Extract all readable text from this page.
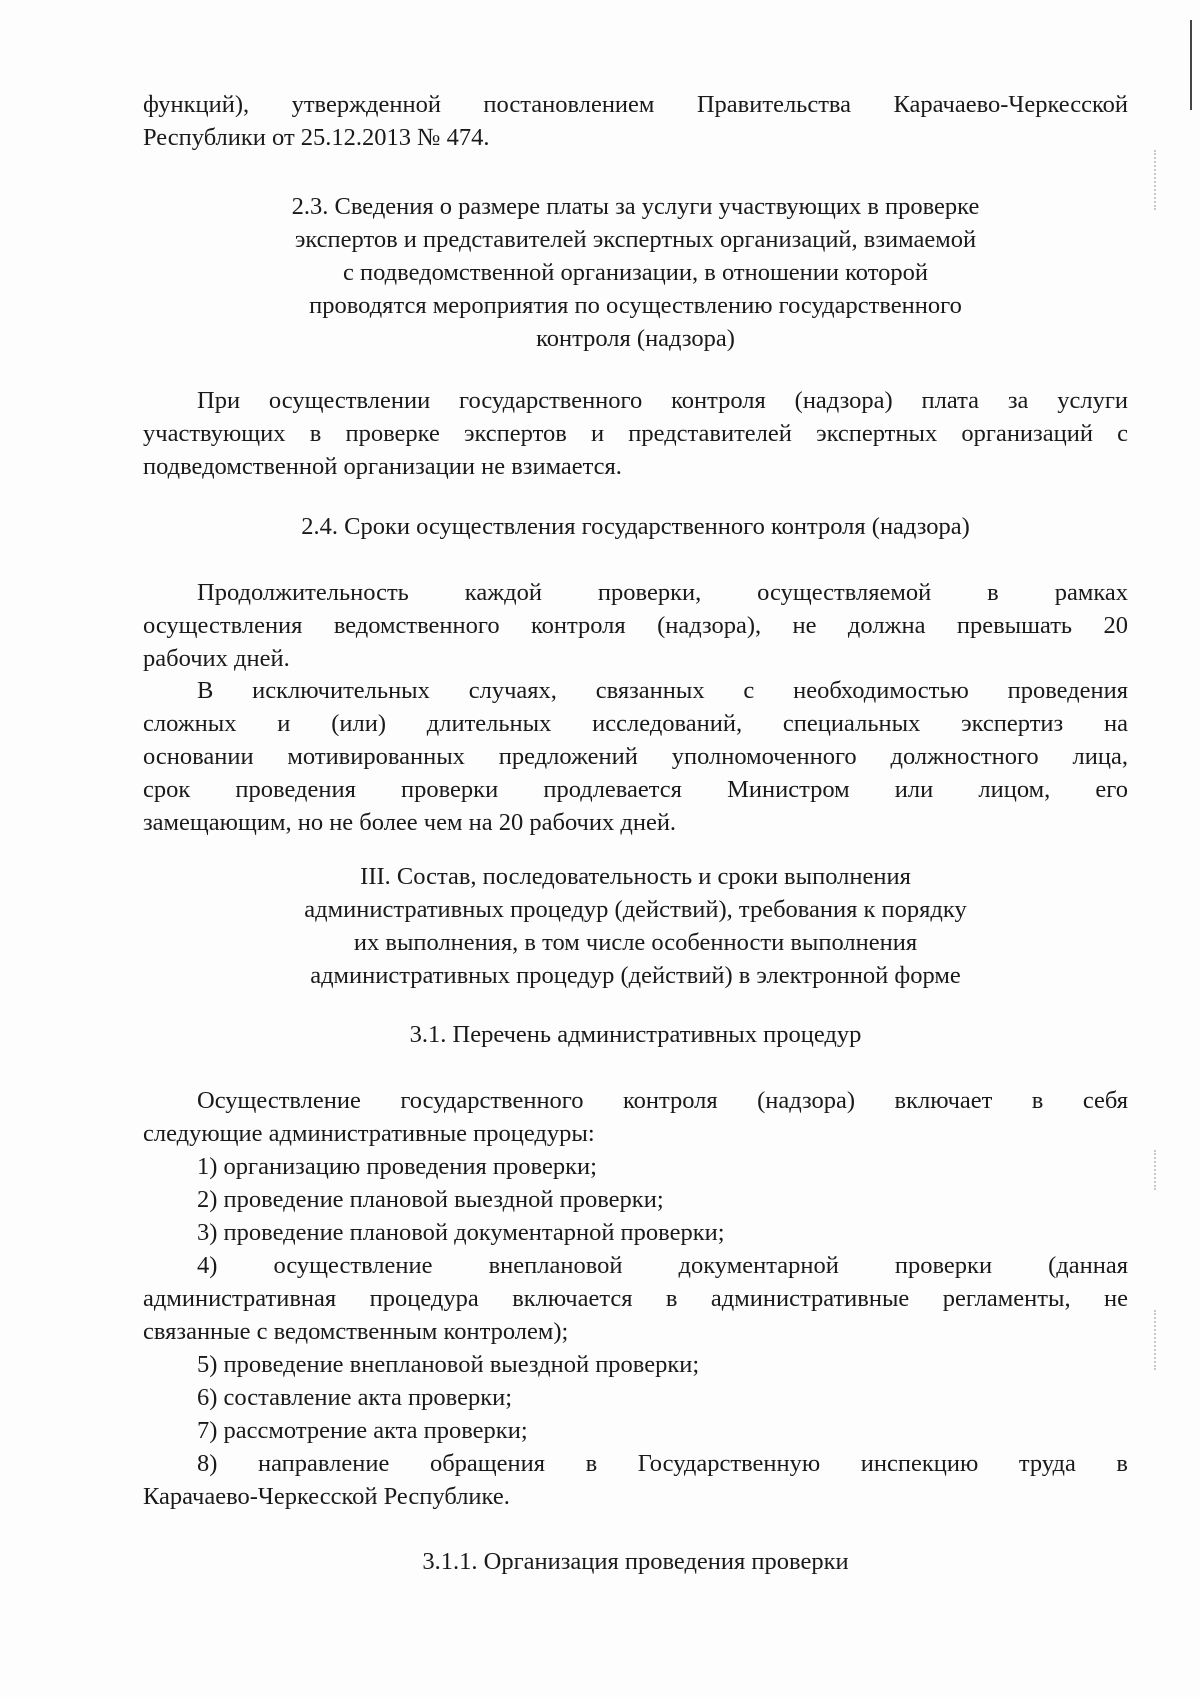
функций), утвержденной постановлением Правительства Карачаево-Черкесской
Республики от 25.12.2013 № 474.
2.3. Сведения о размере платы за услуги участвующих в проверке
экспертов и представителей экспертных организаций, взимаемой
с подведомственной организации, в отношении которой
проводятся мероприятия по осуществлению государственного
контроля (надзора)
При осуществлении государственного контроля (надзора) плата за услуги
участвующих в проверке экспертов и представителей экспертных организаций с
подведомственной организации не взимается.
2.4. Сроки осуществления государственного контроля (надзора)
Продолжительность каждой проверки, осуществляемой в рамках
осуществления ведомственного контроля (надзора), не должна превышать 20
рабочих дней.
В исключительных случаях, связанных с необходимостью проведения
сложных и (или) длительных исследований, специальных экспертиз на
основании мотивированных предложений уполномоченного должностного лица,
срок проведения проверки продлевается Министром или лицом, его
замещающим, но не более чем на 20 рабочих дней.
III. Состав, последовательность и сроки выполнения
административных процедур (действий), требования к порядку
их выполнения, в том числе особенности выполнения
административных процедур (действий) в электронной форме
3.1. Перечень административных процедур
Осуществление государственного контроля (надзора) включает в себя
следующие административные процедуры:
1) организацию проведения проверки;
2) проведение плановой выездной проверки;
3) проведение плановой документарной проверки;
4) осуществление внеплановой документарной проверки (данная
административная процедура включается в административные регламенты, не
связанные с ведомственным контролем);
5) проведение внеплановой выездной проверки;
6) составление акта проверки;
7) рассмотрение акта проверки;
8) направление обращения в Государственную инспекцию труда в
Карачаево-Черкесской Республике.
3.1.1. Организация проведения проверки
